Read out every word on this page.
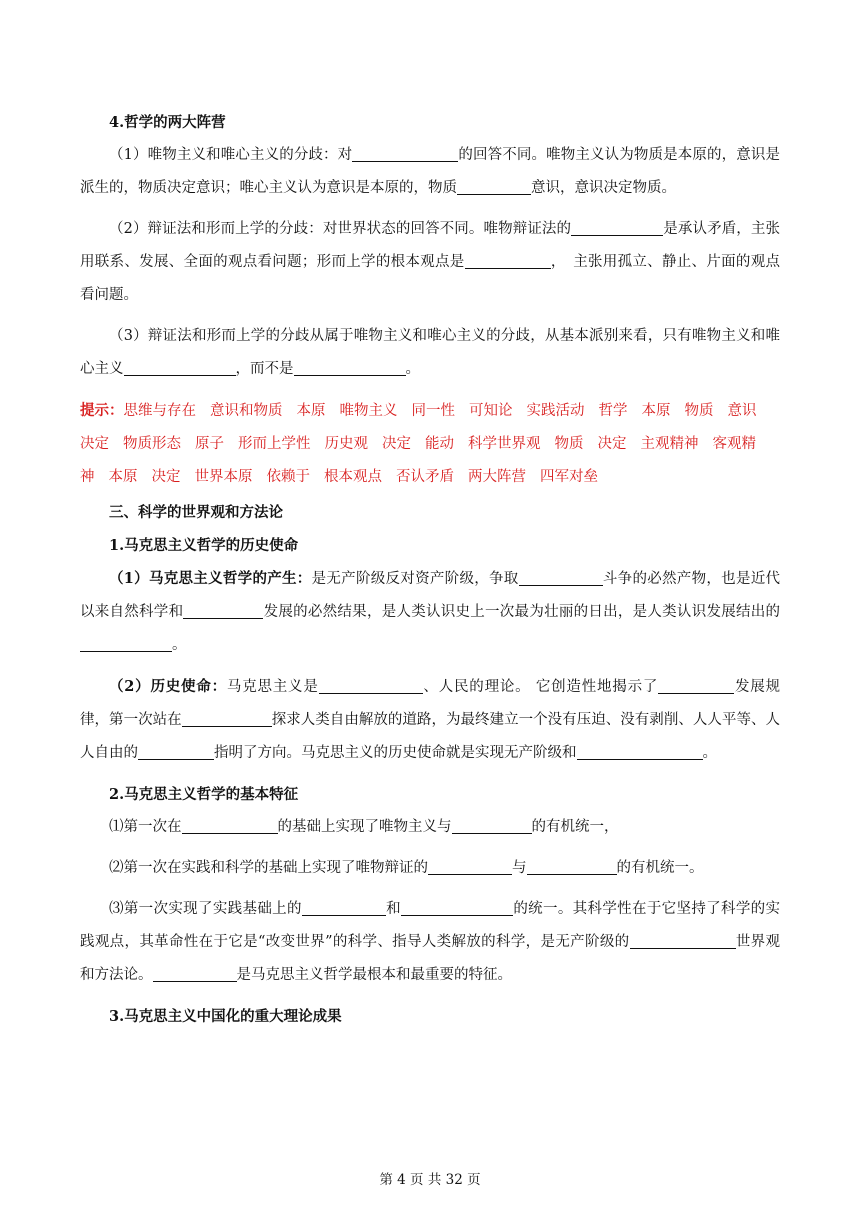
4.哲学的两大阵营

（1）唯物主义和唯心主义的分歧：对	的回答不同。唯物主义认为物质是本原的，意识是派生的，物质决定意识；唯心主义认为意识是本原的，物质	意识，意识决定物质。

（2）辩证法和形而上学的分歧：对世界状态的回答不同。唯物辩证法的	是承认矛盾，主张用联系、发展、全面的观点看问题；形而上学的根本观点是	，　主张用孤立、静止、片面的观点看问题。

（3）辩证法和形而上学的分歧从属于唯物主义和唯心主义的分歧，从基本派别来看，只有唯物主义和唯心主义	，而不是	。

提示：思维与存在 意识和物质 本原 唯物主义 同一性 可知论 实践活动 哲学 本原 物质 意识决定 物质形态 原子 形而上学性 历史观 决定 能动 科学世界观 物质 决定 主观精神 客观精神 本原 决定 世界本原 依赖于 根本观点 否认矛盾 两大阵营 四军对垒

三、科学的世界观和方法论

1.马克思主义哲学的历史使命

（1）马克思主义哲学的产生：是无产阶级反对资产阶级，争取	斗争的必然产物，也是近代以来自然科学和	发展的必然结果，是人类认识史上一次最为壮丽的日出，是人类认识发展结出的。

（2）历史使命：马克思主义是	、人民的理论。 它创造性地揭示了	发展规律，第一次站在	探求人类自由解放的道路，为最终建立一个没有压迫、没有剥削、人人平等、人人自由的	指明了方向。马克思主义的历史使命就是实现无产阶级和	。

2.马克思主义哲学的基本特征

⑴第一次在	的基础上实现了唯物主义与	的有机统一，

⑵第一次在实践和科学的基础上实现了唯物辩证的	与	的有机统一。

⑶第一次实现了实践基础上的	和	的统一。其科学性在于它坚持了科学的实践观点，其革命性在于它是“改变世界”的科学、指导人类解放的科学，是无产阶级的	世界观和方法论。	是马克思主义哲学最根本和最重要的特征。

3.马克思主义中国化的重大理论成果

第 4 页 共 32 页
